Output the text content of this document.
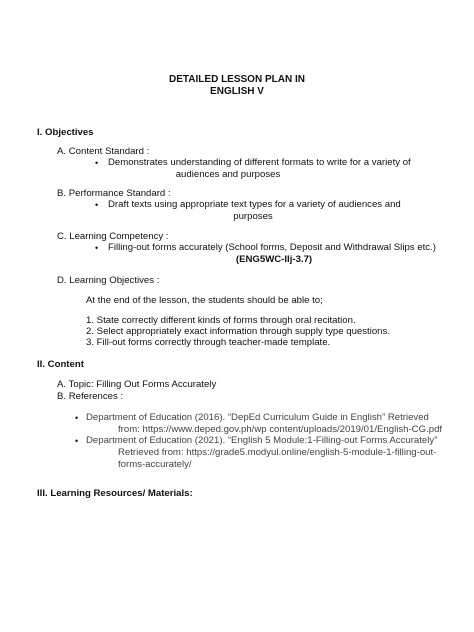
DETAILED LESSON PLAN IN
ENGLISH V
I. Objectives
A. Content Standard :
• Demonstrates understanding of different formats to write for a variety of
audiences and purposes
B. Performance Standard :
• Draft texts using appropriate text types for a variety of audiences and
purposes
C. Learning Competency :
• Filling-out forms accurately (School forms, Deposit and Withdrawal Slips etc.)
(ENG5WC-IIj-3.7)
D. Learning Objectives :
At the end of the lesson, the students should be able to;
1. State correctly different kinds of forms through oral recitation.
2. Select appropriately exact information through supply type questions.
3. Fill-out forms correctly through teacher-made template.
II. Content
A. Topic: Filling Out Forms Accurately
B. References :
• Department of Education (2016). “DepEd Curriculum Guide in English” Retrieved
from: https://www.deped.gov.ph/wp content/uploads/2019/01/English-CG.pdf
• Department of Education (2021). “English 5 Module:1-Filling-out Forms Accurately”
Retrieved from: https://grade5.modyul.online/english-5-module-1-filling-out-
forms-accurately/
III. Learning Resources/ Materials:
